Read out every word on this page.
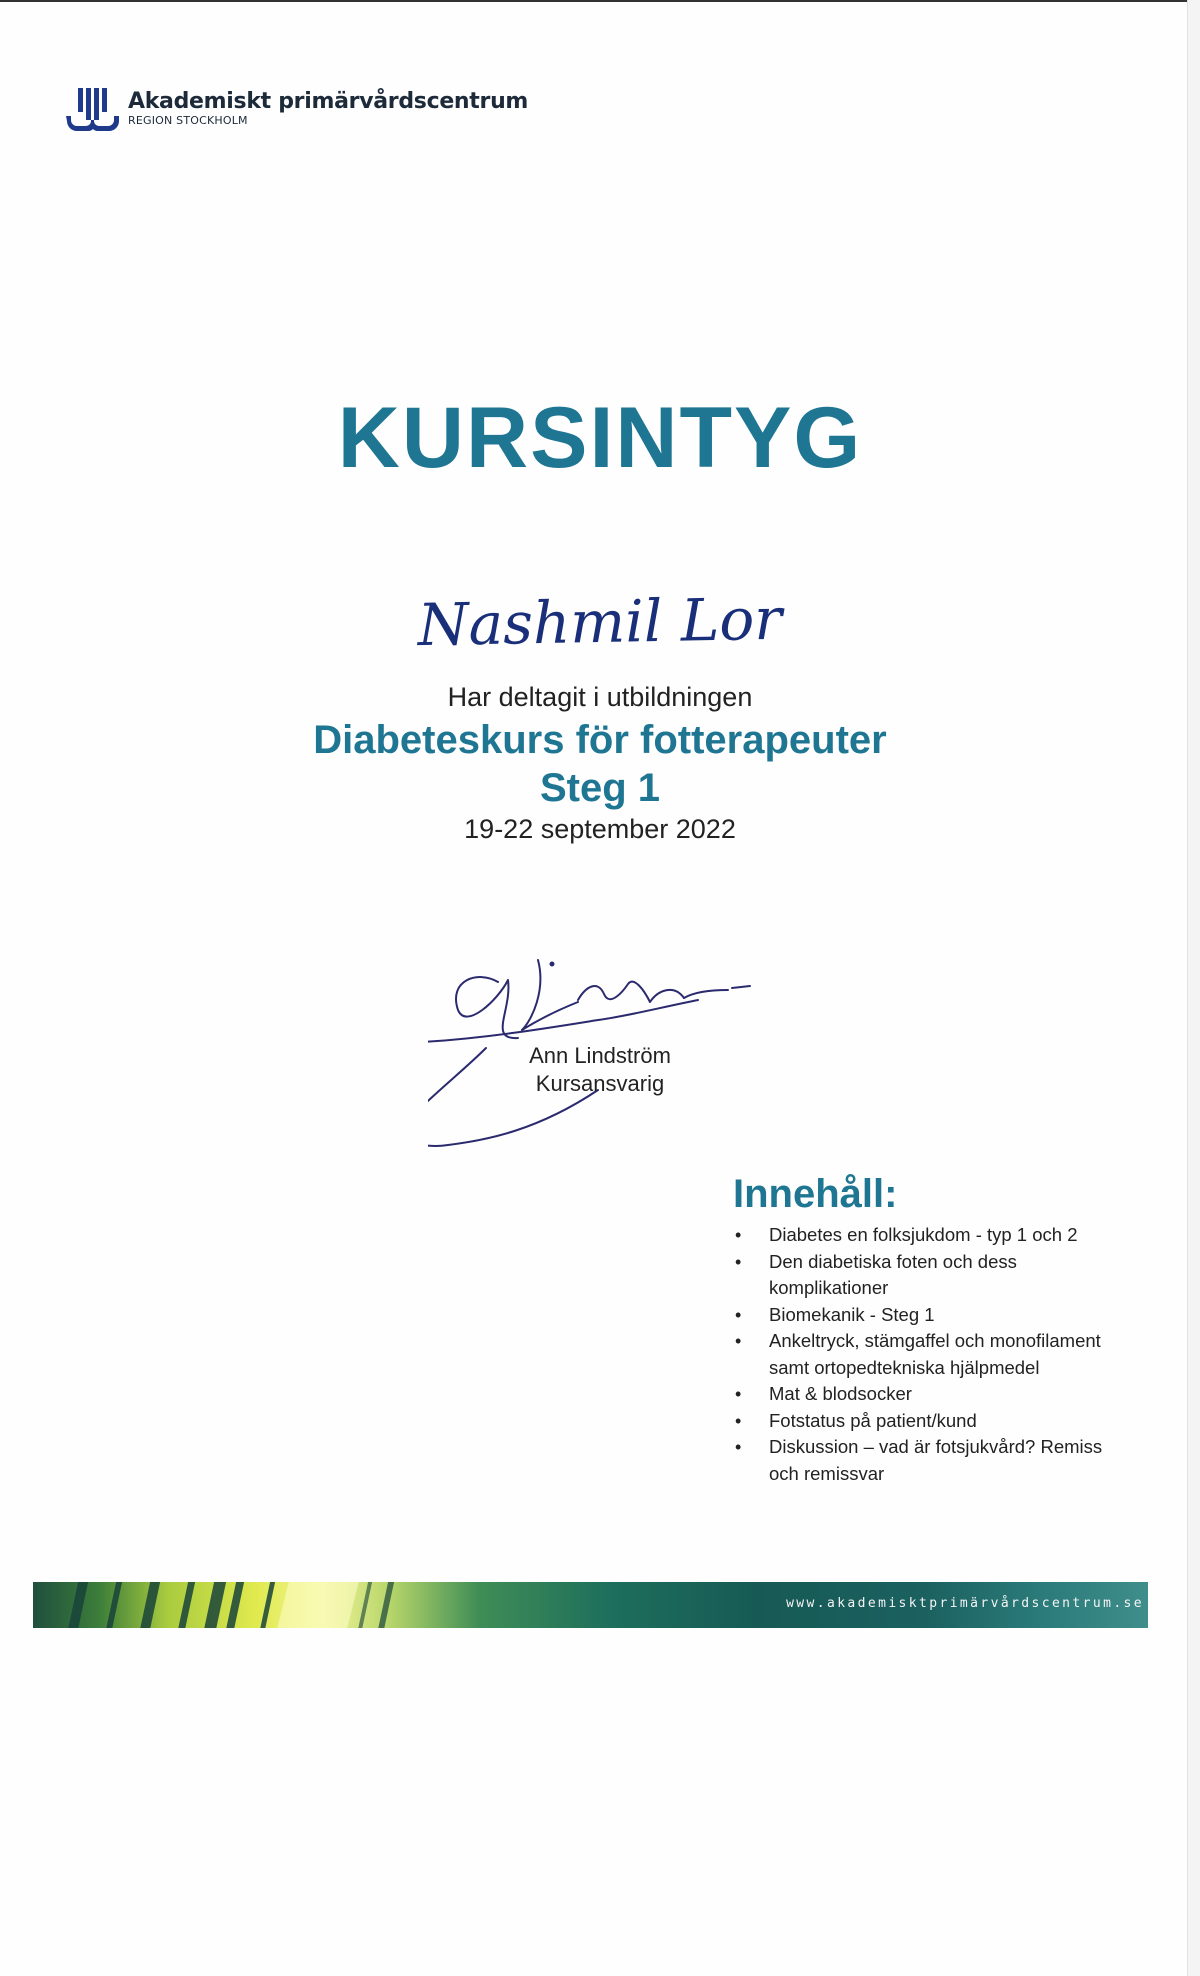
Akademiskt primärvårdscentrum
REGION STOCKHOLM
KURSINTYG
Nashmil Lor
Har deltagit i utbildningen
Diabeteskurs för fotterapeuter
Steg 1
19-22 september 2022
Ann Lindström
Kursansvarig
Innehåll:
• Diabetes en folksjukdom - typ 1 och 2
• Den diabetiska foten och dess komplikationer
• Biomekanik - Steg 1
• Ankeltryck, stämgaffel och monofilament samt ortopedtekniska hjälpmedel
• Mat & blodsocker
• Fotstatus på patient/kund
• Diskussion – vad är fotsjukvård? Remiss och remissvar
www.akademisktprimärvårdscentrum.se
